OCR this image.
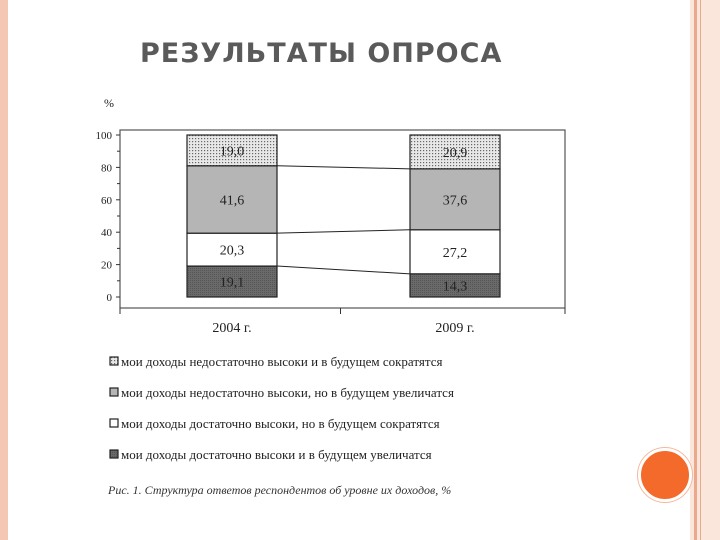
РЕЗУЛЬТАТЫ ОПРОСА
%
19,1
20,3
41,6
19,0
14,3
27,2
37,6
20,9
0
20
40
60
80
100
2004 г.	2009 г.
мои доходы недостаточно высоки и в будущем сократятся
мои доходы недостаточно высоки, но в будущем увеличатся
мои доходы достаточно высоки, но в будущем сократятся
мои доходы достаточно высоки и в будущем увеличатся
Рис. 1. Структура ответов респондентов об уровне их доходов, %
